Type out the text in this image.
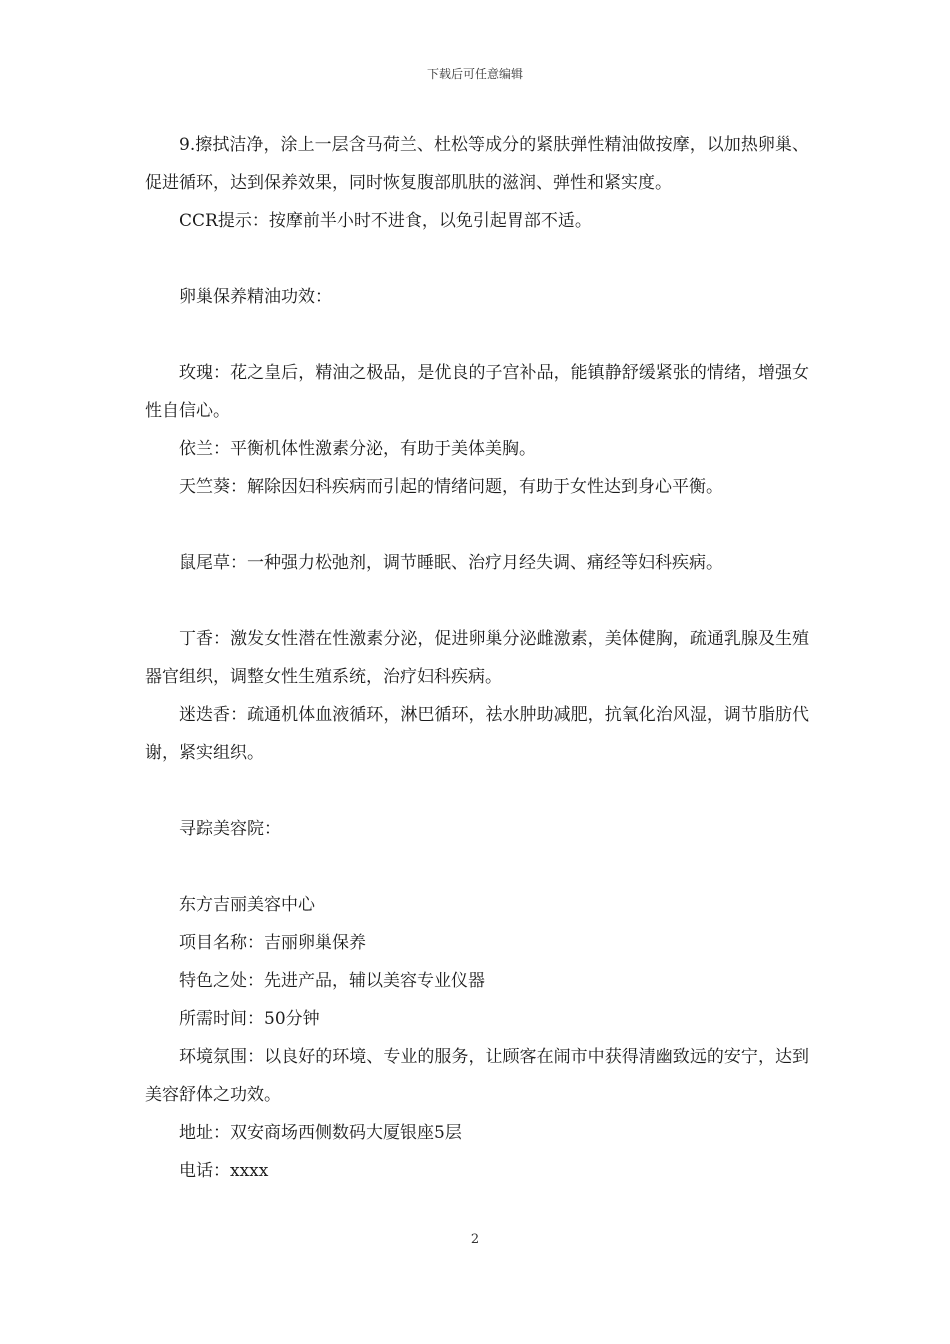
下载后可任意编辑

9.擦拭洁净，涂上一层含马荷兰、杜松等成分的紧肤弹性精油做按摩，以加热卵巢、促进循环，达到保养效果，同时恢复腹部肌肤的滋润、弹性和紧实度。

CCR提示：按摩前半小时不进食，以免引起胃部不适。

卵巢保养精油功效：

玫瑰：花之皇后，精油之极品，是优良的子宫补品，能镇静舒缓紧张的情绪，增强女性自信心。

依兰：平衡机体性激素分泌，有助于美体美胸。

天竺葵：解除因妇科疾病而引起的情绪问题，有助于女性达到身心平衡。

鼠尾草：一种强力松弛剂，调节睡眠、治疗月经失调、痛经等妇科疾病。

丁香：激发女性潜在性激素分泌，促进卵巢分泌雌激素，美体健胸，疏通乳腺及生殖器官组织，调整女性生殖系统，治疗妇科疾病。

迷迭香：疏通机体血液循环，淋巴循环，祛水肿助减肥，抗氧化治风湿，调节脂肪代谢，紧实组织。

寻踪美容院：

东方吉丽美容中心

项目名称：吉丽卵巢保养

特色之处：先进产品，辅以美容专业仪器

所需时间：50分钟

环境氛围：以良好的环境、专业的服务，让顾客在闹市中获得清幽致远的安宁，达到美容舒体之功效。

地址：双安商场西侧数码大厦银座5层

电话：xxxx

2
